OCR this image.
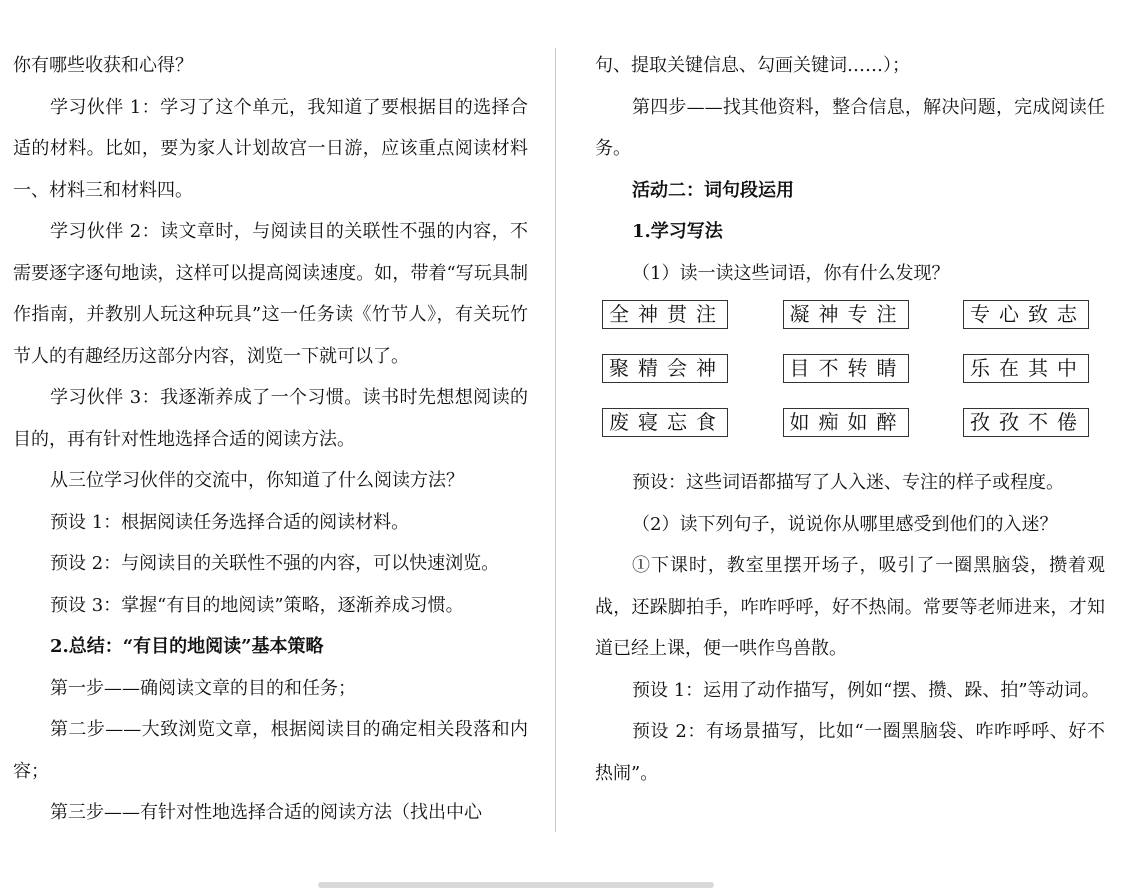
你有哪些收获和心得？

学习伙伴 1：学习了这个单元，我知道了要根据目的选择合适的材料。比如，要为家人计划故宫一日游，应该重点阅读材料一、材料三和材料四。

学习伙伴 2：读文章时，与阅读目的关联性不强的内容，不需要逐字逐句地读，这样可以提高阅读速度。如，带着“写玩具制作指南，并教别人玩这种玩具”这一任务读《竹节人》，有关玩竹节人的有趣经历这部分内容，浏览一下就可以了。

学习伙伴 3：我逐渐养成了一个习惯。读书时先想想阅读的目的，再有针对性地选择合适的阅读方法。

从三位学习伙伴的交流中，你知道了什么阅读方法？

预设 1：根据阅读任务选择合适的阅读材料。

预设 2：与阅读目的关联性不强的内容，可以快速浏览。

预设 3：掌握“有目的地阅读”策略，逐渐养成习惯。

2.总结：“有目的地阅读”基本策略

第一步——确阅读文章的目的和任务；

第二步——大致浏览文章，根据阅读目的确定相关段落和内容；

第三步——有针对性地选择合适的阅读方法（找出中心

句、提取关键信息、勾画关键词……）；

第四步——找其他资料，整合信息，解决问题，完成阅读任务。

活动二：词句段运用

1.学习写法

（1）读一读这些词语，你有什么发现？

全神贯注	凝神专注	专心致志
聚精会神	目不转睛	乐在其中
废寝忘食	如痴如醉	孜孜不倦

预设：这些词语都描写了人入迷、专注的样子或程度。

（2）读下列句子，说说你从哪里感受到他们的入迷？

①下课时，教室里摆开场子，吸引了一圈黑脑袋，攒着观战，还跺脚拍手，咋咋呼呼，好不热闹。常要等老师进来，才知道已经上课，便一哄作鸟兽散。

预设 1：运用了动作描写，例如“摆、攒、跺、拍”等动词。

预设 2：有场景描写，比如“一圈黑脑袋、咋咋呼呼、好不热闹”。
